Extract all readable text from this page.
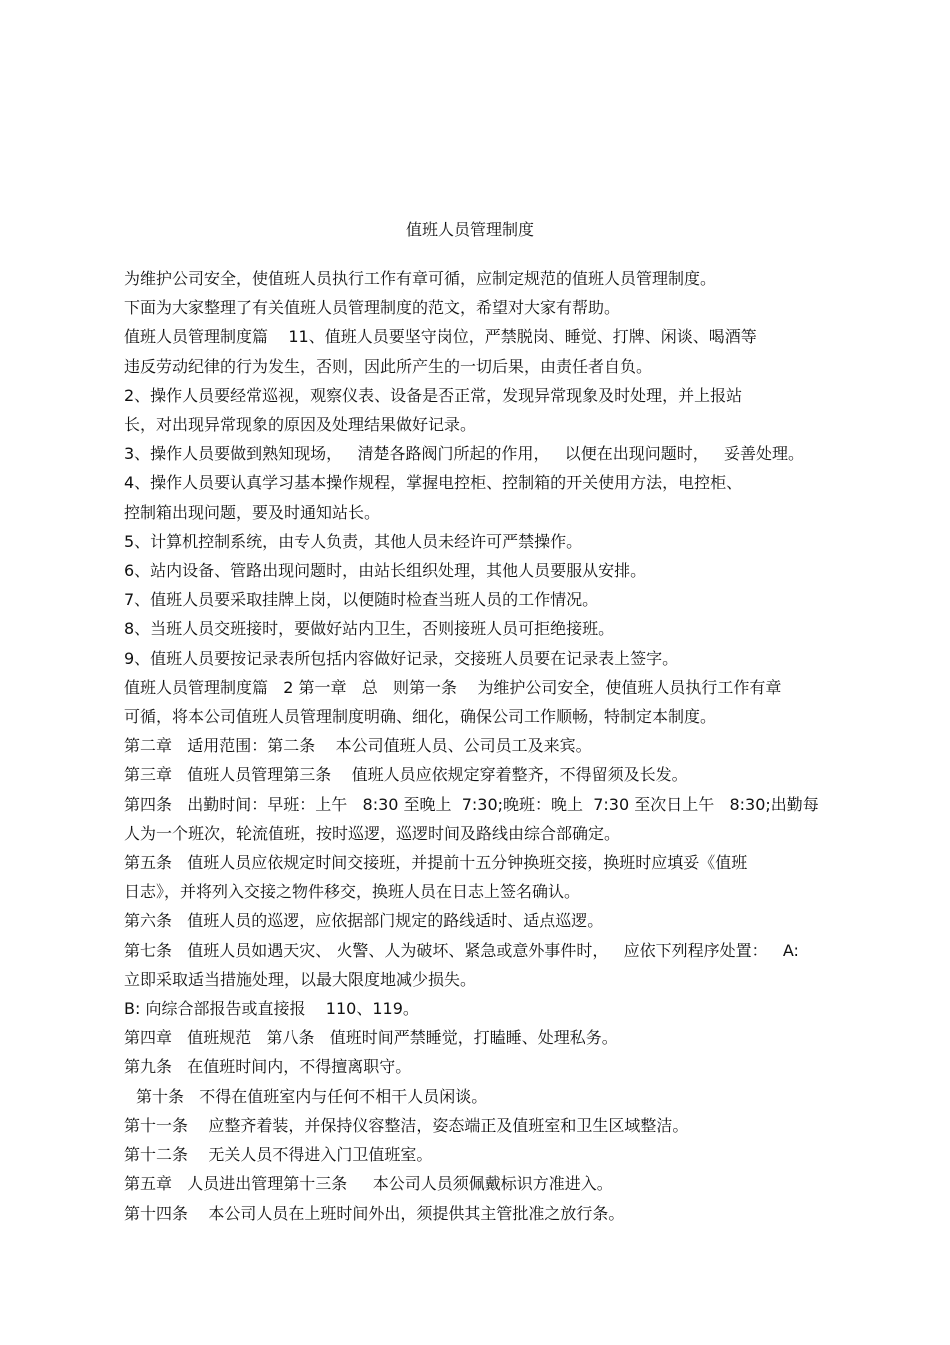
值班人员管理制度

为维护公司安全，使值班人员执行工作有章可循，应制定规范的值班人员管理制度。

下面为大家整理了有关值班人员管理制度的范文，希望对大家有帮助。

值班人员管理制度篇    11、值班人员要坚守岗位，严禁脱岗、睡觉、打牌、闲谈、喝酒等
违反劳动纪律的行为发生，否则，因此所产生的一切后果，由责任者自负。

2、操作人员要经常巡视，观察仪表、设备是否正常，发现异常现象及时处理，并上报站
长，对出现异常现象的原因及处理结果做好记录。

3、操作人员要做到熟知现场，   清楚各路阀门所起的作用，   以便在出现问题时，   妥善处理。

4、操作人员要认真学习基本操作规程，掌握电控柜、控制箱的开关使用方法，电控柜、
控制箱出现问题，要及时通知站长。

5、计算机控制系统，由专人负责，其他人员未经许可严禁操作。

6、站内设备、管路出现问题时，由站长组织处理，其他人员要服从安排。

7、值班人员要采取挂牌上岗，以便随时检查当班人员的工作情况。

8、当班人员交班接时，要做好站内卫生，否则接班人员可拒绝接班。

9、值班人员要按记录表所包括内容做好记录，交接班人员要在记录表上签字。

值班人员管理制度篇   2 第一章   总   则第一条    为维护公司安全，使值班人员执行工作有章
可循，将本公司值班人员管理制度明确、细化，确保公司工作顺畅，特制定本制度。

第二章   适用范围：第二条    本公司值班人员、公司员工及来宾。

第三章   值班人员管理第三条    值班人员应依规定穿着整齐，不得留须及长发。

第四条   出勤时间：早班：上午   8:30 至晚上  7:30;晚班：晚上  7:30 至次日上午   8:30;出勤每
人为一个班次，轮流值班，按时巡逻，巡逻时间及路线由综合部确定。

第五条   值班人员应依规定时间交接班，并提前十五分钟换班交接，换班时应填妥《值班
日志》，并将列入交接之物件移交，换班人员在日志上签名确认。

第六条   值班人员的巡逻，应依据部门规定的路线适时、适点巡逻。

第七条   值班人员如遇天灾、 火警、人为破坏、紧急或意外事件时，   应依下列程序处置：   A:
立即采取适当措施处理，以最大限度地减少损失。

B: 向综合部报告或直接报    110、119。

第四章   值班规范   第八条   值班时间严禁睡觉，打瞌睡、处理私务。

第九条   在值班时间内，不得擅离职守。

第十条   不得在值班室内与任何不相干人员闲谈。

第十一条    应整齐着装，并保持仪容整洁，姿态端正及值班室和卫生区域整洁。

第十二条    无关人员不得进入门卫值班室。

第五章   人员进出管理第十三条     本公司人员须佩戴标识方准进入。

第十四条    本公司人员在上班时间外出，须提供其主管批准之放行条。
